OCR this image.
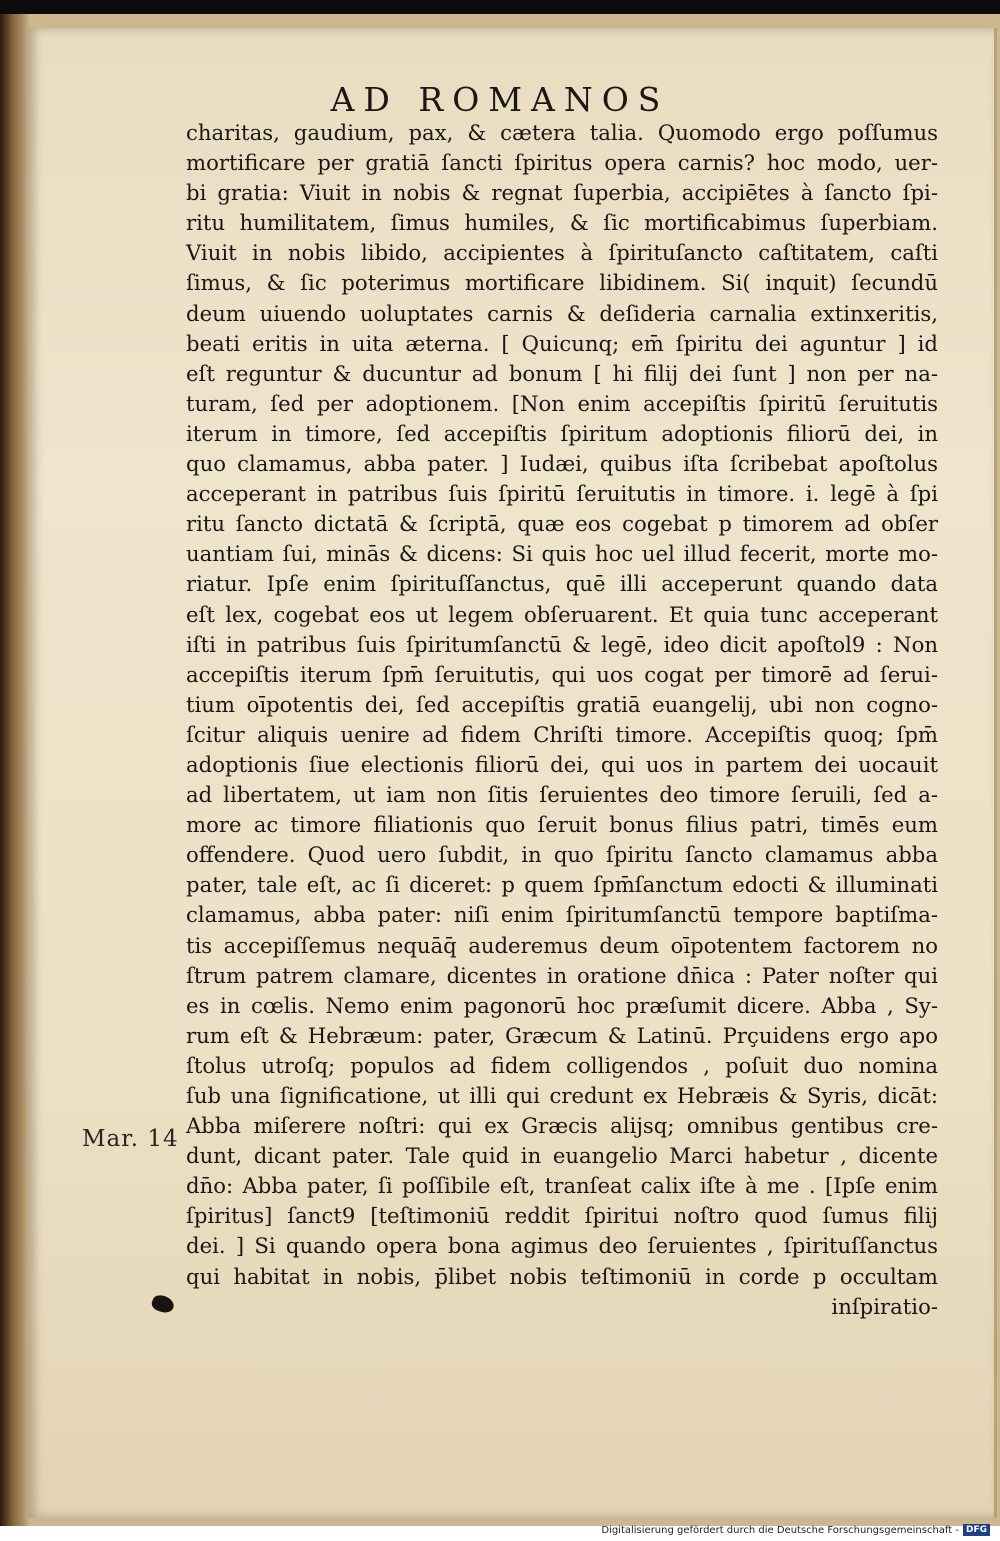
AD ROMANOS
charitas, gaudium, pax, & cætera talia. Quomodo ergo poſſumus
mortificare per gratiā ſancti ſpiritus opera carnis? hoc modo, uer-
bi gratia: Viuit in nobis & regnat ſuperbia, accipiētes à ſancto ſpi-
ritu humilitatem, ſimus humiles, & ſic mortificabimus ſuperbiam.
Viuit in nobis libido, accipientes à ſpirituſancto caſtitatem, caſti
ſimus, & ſic poterimus mortificare libidinem. Si( inquit) ſecundū
deum uiuendo uoluptates carnis & deſideria carnalia extinxeritis,
beati eritis in uita æterna. [ Quicunq; em̄ ſpiritu dei aguntur ] id
eſt reguntur & ducuntur ad bonum [ hi filij dei ſunt ] non per na-
turam, ſed per adoptionem. [Non enim accepiſtis ſpiritū ſeruitutis
iterum in timore, ſed accepiſtis ſpiritum adoptionis filiorū dei, in
quo clamamus, abba pater. ] Iudæi, quibus iſta ſcribebat apoſtolus
acceperant in patribus ſuis ſpiritū ſeruitutis in timore. i. legē à ſpi
ritu ſancto dictatā & ſcriptā, quæ eos cogebat p timorem ad obſer
uantiam ſui, minās & dicens: Si quis hoc uel illud fecerit, morte mo-
riatur. Ipſe enim ſpirituſſanctus, quē illi acceperunt quando data
eſt lex, cogebat eos ut legem obſeruarent. Et quia tunc acceperant
iſti in patribus ſuis ſpiritumſanctū & legē, ideo dicit apoſtol9 : Non
accepiſtis iterum ſpm̄ ſeruitutis, qui uos cogat per timorē ad ſerui-
tium oīpotentis dei, ſed accepiſtis gratiā euangelij, ubi non cogno-
ſcitur aliquis uenire ad fidem Chriſti timore. Accepiſtis quoq; ſpm̄
adoptionis ſiue electionis filiorū dei, qui uos in partem dei uocauit
ad libertatem, ut iam non ſitis ſeruientes deo timore ſeruili, ſed a-
more ac timore filiationis quo ſeruit bonus filius patri, timēs eum
offendere. Quod uero ſubdit, in quo ſpiritu ſancto clamamus abba
pater, tale eſt, ac ſi diceret: p quem ſpm̄ſanctum edocti & illuminati
clamamus, abba pater: niſi enim ſpiritumſanctū tempore baptiſma-
tis accepiſſemus nequāq̄ auderemus deum oīpotentem factorem no
ſtrum patrem clamare, dicentes in oratione dn̄ica : Pater noſter qui
es in cœlis. Nemo enim pagonorū hoc præſumit dicere. Abba , Sy-
rum eſt & Hebræum: pater, Græcum & Latinū. Prçuidens ergo apo
ſtolus utroſq; populos ad fidem colligendos , poſuit duo nomina
ſub una ſignificatione, ut illi qui credunt ex Hebræis & Syris, dicāt:
Abba miſerere noſtri: qui ex Græcis alijsq; omnibus gentibus cre-
dunt, dicant pater. Tale quid in euangelio Marci habetur , dicente
dn̄o: Abba pater, ſi poſſibile eſt, tranſeat calix iſte à me . [Ipſe enim
ſpiritus] ſanct9 [teſtimoniū reddit ſpiritui noſtro quod ſumus filij
dei. ] Si quando opera bona agimus deo ſeruientes , ſpirituſſanctus
qui habitat in nobis, p̄libet nobis teſtimoniū in corde p occultam
inſpiratio-
Mar. 14
Digitalisierung gefördert durch die Deutsche Forschungsgemeinschaft - DFG
